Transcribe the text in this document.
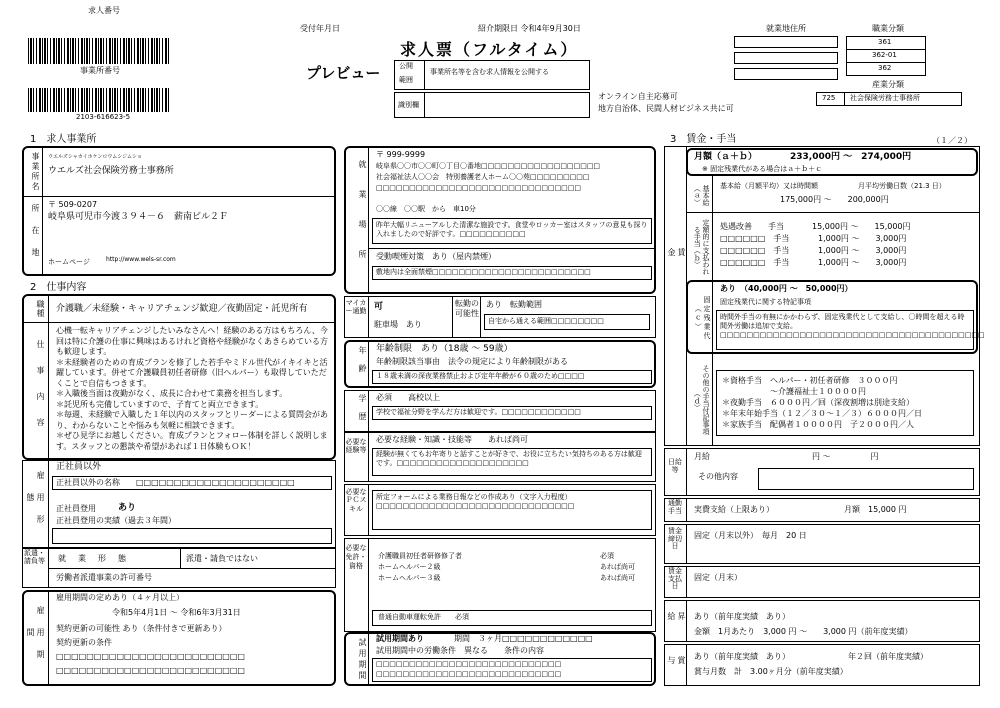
求人番号
事業所番号
2103-616623-5
受付年月日	紹介期限日 令和4年9月30日
求人票（フルタイム）
プレビュー	公開
範囲
事業所名等を含む求人情報を公開する
識別欄
オンライン自主応募可
地方自治体、民間人材ビジネス共に可
就業地住所	職業分類
361
362-01
362
産業分類
725 社会保険労務士事務所
1　求人事業所
事業所名 ウエルズシャカイホケンロウムシジムショ
ウエルズ社会保険労務士事務所
所在地 〒 509-0207
岐阜県可児市今渡３９４－６　薪南ビル２Ｆ
ホームページ	http://www.wels-sr.com
2　仕事内容
職種 介護職／未経験・キャリアチェンジ歓迎／夜勤固定・託児所有
仕事内容
心機一転キャリアチェンジしたいみなさんへ！経験のある方はもちろん、今回は特に介護の仕事に興味はあるけれど資格や経験がなくあきらめている方も歓迎します。
＊未経験者のための育成プランを修了した若手やミドル世代がイキイキと活躍しています。併せて介護職員初任者研修（旧ヘルパー）も取得していただくことで自信もつきます。
＊入職後当面は夜勤がなく、成長に合わせて業務を担当します。
＊託児所も完備していますので、子育てと両立できます。
＊毎週、未経験で入職した１年以内のスタッフとリーダーによる質問会があり、わからないことや悩みも気軽に相談できます。
＊ぜひ見学にお越しください。育成プランとフォロー体制を詳しく説明します。スタッフとの懇談や希望があれば１日体験もＯＫ！
雇用形態
正社員以外
正社員以外の名称 □□□□□□□□□□□□□□□□□□□□□
正社員登用 あり
正社員登用の実績（過去３年間）
派遣・請負等	就　業　形　態	派遣・請負ではない
労働者派遣事業の許可番号
雇用期間
雇用期間の定めあり（４ヶ月以上）
令和5年4月1日 ～ 令和6年3月31日
契約更新の可能性 あり（条件付きで更新あり）
契約更新の条件
□□□□□□□□□□□□□□□□□□□□□□□□□
□□□□□□□□□□□□□□□□□□□□□□□□□
就業場所
〒 999-9999
岐阜県〇〇市〇〇町〇丁目〇番地□□□□□□□□□□□□□□□□□□
社会福祉法人〇〇会　特別養護老人ホーム〇〇苑□□□□□□□□□
□□□□□□□□□□□□□□□□□□□□□□□□□□□□□□□
〇〇線　〇〇駅　から　車10分
昨年大幅リニューアルした清潔な施設です。食堂やロッカー室はスタッフの意見も採り入れましたので好評です。□□□□□□□□□□
受動喫煙対策　あり（屋内禁煙）
敷地内は全面禁煙□□□□□□□□□□□□□□□□□□□□□□□□
マイカー通勤 可
駐車場　あり
転勤の可能性
あり　転勤範囲
自宅から通える範囲□□□□□□□□
年齢 年齢制限　あり（18歳 ～ 59歳）
年齢制限該当事由　法令の規定により年齢制限がある
１８歳未満の深夜業務禁止および定年年齢が６０歳のため□□□□
学歴 必須　　高校以上
学校で福祉分野を学んだ方は歓迎です。□□□□□□□□□□□□
必要な経験等
必要な経験・知識・技能等　　あれば尚可
経験が無くてもお年寄りと話すことが好きで、お役に立ちたい気持ちのある方は歓迎です。□□□□□□□□□□□□□□□□□□□□
必要なＰＣスキル
所定フォームによる業務日報などの作成あり（文字入力程度）□□□□□□□□□□□□□□□□□□□□□□□□□□□□□□
必要な免許・資格
介護職員初任者研修修了者	必須
ホームヘルパー２級	あれば尚可
ホームヘルパー３級	あれば尚可
普通自動車運転免許　　必須
試用期間 試用期間あり	期間　３ヶ月□□□□□□□□□□□□
試用期間中の労働条件　異なる　　条件の内容
□□□□□□□□□□□□□□□□□□□□□□□□□□□□
□□□□□□□□□□□□□□□□□□□□□□□□□□□□
3　賃金・手当	（１／２）
賃金
月額（ａ＋ｂ）	233,000円 ～　274,000円
※ 固定残業代がある場合はａ＋ｂ＋ｃ
基本給（ａ）	基本給（月額平均）又は時間額	月平均労働日数（21.3 日）
175,000円 ～　　200,000円
定額的に支払われる手当（ｂ）	処遇改善　　手当	15,000円 ～　　15,000円
□□□□□□　手当	1,000円 ～　　3,000円
□□□□□□　手当	1,000円 ～　　3,000円
□□□□□□　手当	1,000円 ～　　3,000円
固定残業代（ｃ）
あり　（40,000円 ～　50,000円）
固定残業代に関する特記事項
時間外手当の有無にかかわらず、固定残業代として支給し、〇時間を超える時間外労働は追加で支給。□□□□□□□□□□□□□□□□□□□□□□□□□□□□□□□□□□□□□□□□
その他の手当付記事項（ｄ）
＊資格手当　ヘルパー・初任者研修　３０００円
　　　　　　～介護福祉士１００００円
＊夜勤手当　６０００円／回（深夜割増は別途支給）
＊年末年始手当（１２／３０～１／３）６０００円／日
＊家族手当　配偶者１００００円　子２０００円／人
日給等
月給	円 ～　　　　　円
その他内容
通勤手当	実費支給（上限あり）	月額　15,000 円
賃金締切日
固定（月末以外）　毎月　20 日
賃金支払日
固定（月末）
昇給	あり（前年度実績　あり）
金額　1月あたり　3,000 円 ～　　3,000 円（前年度実績）
賞与	あり（前年度実績　あり）	年２回（前年度実績）
賞与月数　計　3.00ヶ月分（前年度実績）
